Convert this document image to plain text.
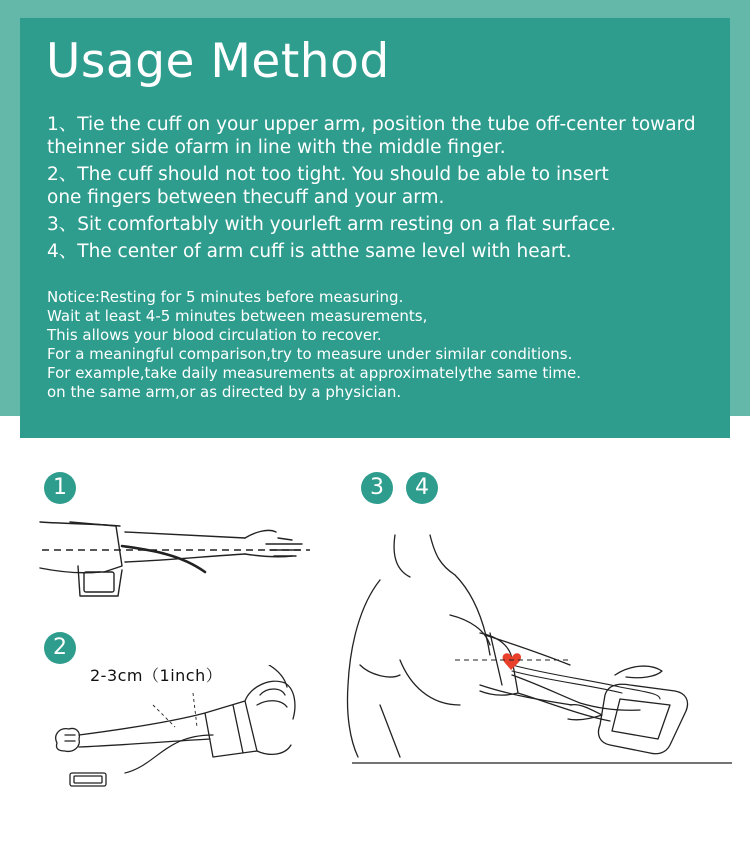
Usage Method
1、Tie the cuff on your upper arm, position the tube off-center toward
theinner side ofarm in line with the middle finger.
2、The cuff should not too tight. You should be able to insert
one fingers between thecuff and your arm.
3、Sit comfortably with yourleft arm resting on a flat surface.
4、The center of arm cuff is atthe same level with heart.
Notice:Resting for 5 minutes before measuring.
Wait at least 4-5 minutes between measurements,
This allows your blood circulation to recover.
For a meaningful comparison,try to measure under similar conditions.
For example,take daily measurements at approximatelythe same time.
on the same arm,or as directed by a physician.
1
2
3	4
2-3cm（1inch）
